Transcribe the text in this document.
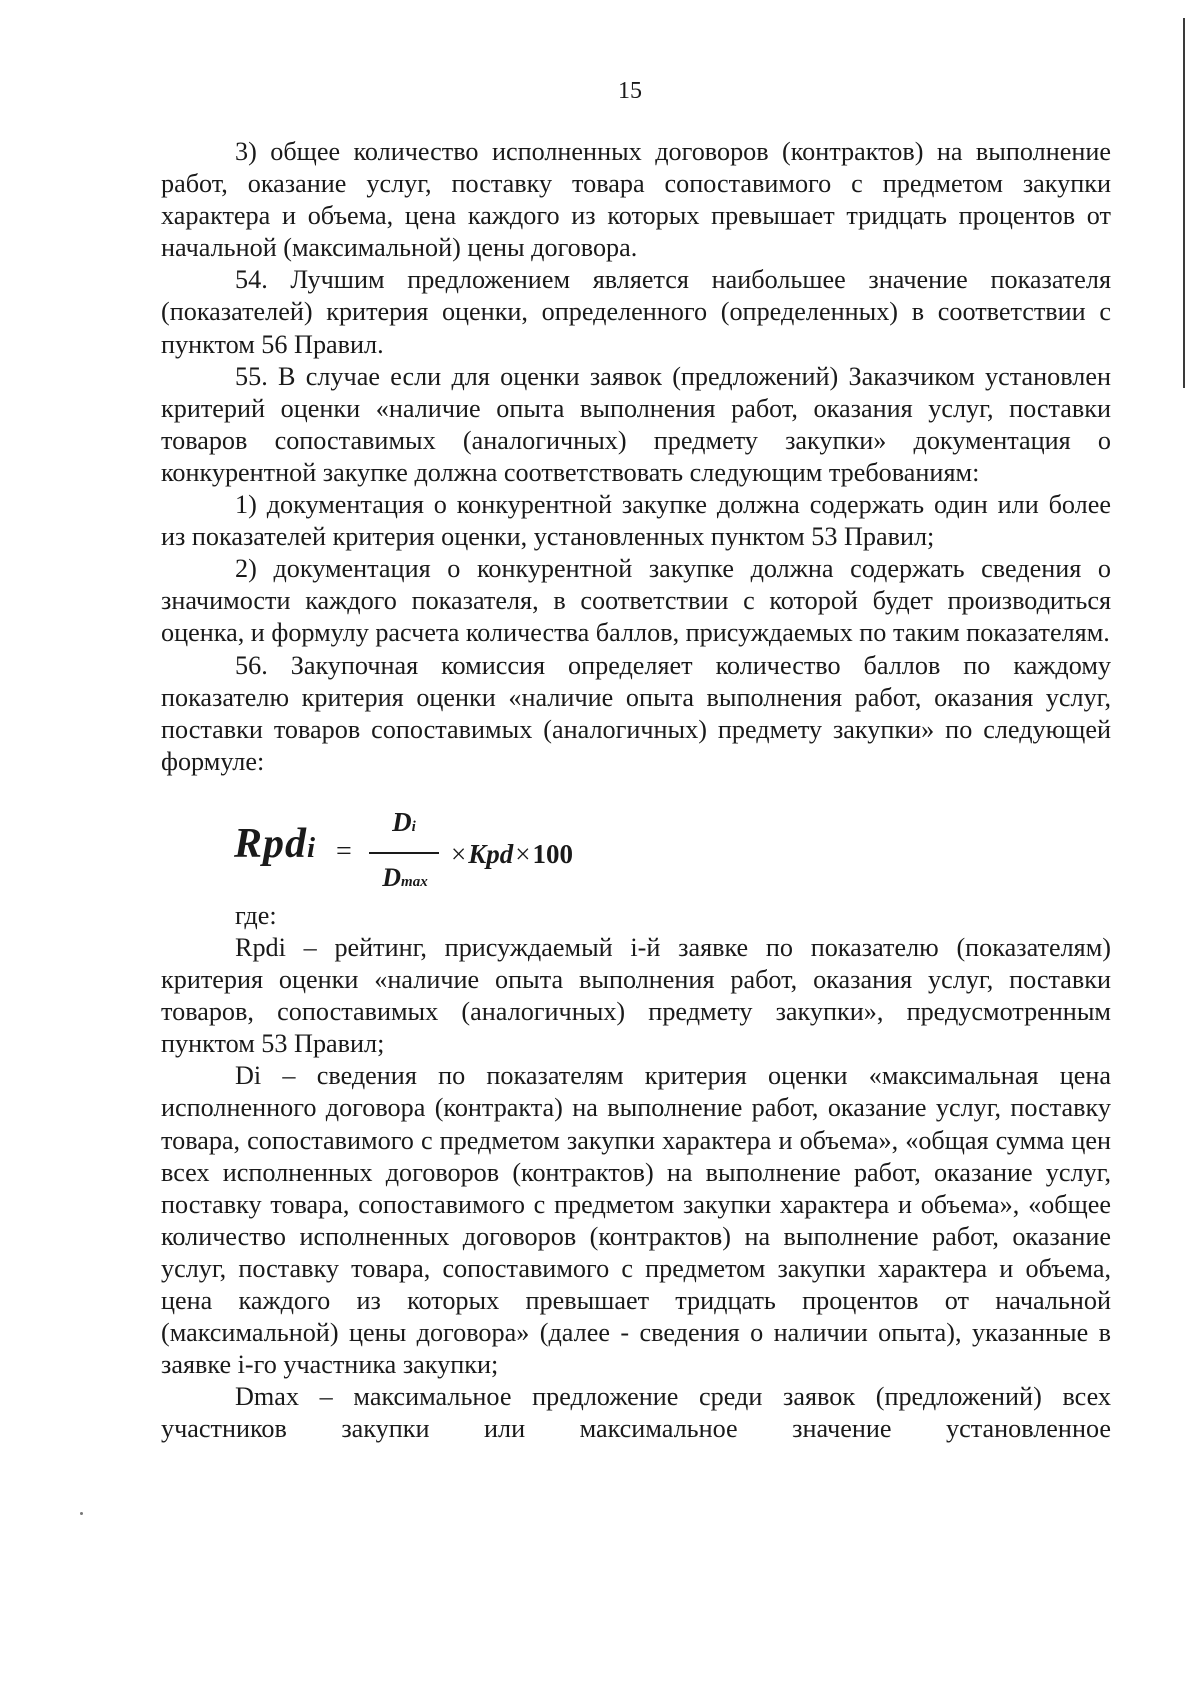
15

3) общее количество исполненных договоров (контрактов) на выполнение работ, оказание услуг, поставку товара сопоставимого с предметом закупки характера и объема, цена каждого из которых превышает тридцать процентов от начальной (максимальной) цены договора.

54. Лучшим предложением является наибольшее значение показателя (показателей) критерия оценки, определенного (определенных) в соответствии с пунктом 56 Правил.

55. В случае если для оценки заявок (предложений) Заказчиком установлен критерий оценки «наличие опыта выполнения работ, оказания услуг, поставки товаров сопоставимых (аналогичных) предмету закупки» документация о конкурентной закупке должна соответствовать следующим требованиям:

1) документация о конкурентной закупке должна содержать один или более из показателей критерия оценки, установленных пунктом 53 Правил;

2) документация о конкурентной закупке должна содержать сведения о значимости каждого показателя, в соответствии с которой будет производиться оценка, и формулу расчета количества баллов, присуждаемых по таким показателям.

56. Закупочная комиссия определяет количество баллов по каждому показателю критерия оценки «наличие опыта выполнения работ, оказания услуг, поставки товаров сопоставимых (аналогичных) предмету закупки» по следующей формуле:

Rpdi =
Di
Dmax
×Kpd×100

где:

Rpdi – рейтинг, присуждаемый i-й заявке по показателю (показателям) критерия оценки «наличие опыта выполнения работ, оказания услуг, поставки товаров, сопоставимых (аналогичных) предмету закупки», предусмотренным пунктом 53 Правил;

Di – сведения по показателям критерия оценки «максимальная цена исполненного договора (контракта) на выполнение работ, оказание услуг, поставку товара, сопоставимого с предметом закупки характера и объема», «общая сумма цен всех исполненных договоров (контрактов) на выполнение работ, оказание услуг, поставку товара, сопоставимого с предметом закупки характера и объема», «общее количество исполненных договоров (контрактов) на выполнение работ, оказание услуг, поставку товара, сопоставимого с предметом закупки характера и объема, цена каждого из которых превышает тридцать процентов от начальной (максимальной) цены договора» (далее - сведения о наличии опыта), указанные в заявке i-го участника закупки;

Dmax – максимальное предложение среди заявок (предложений) всех участников закупки или максимальное значение установленное
